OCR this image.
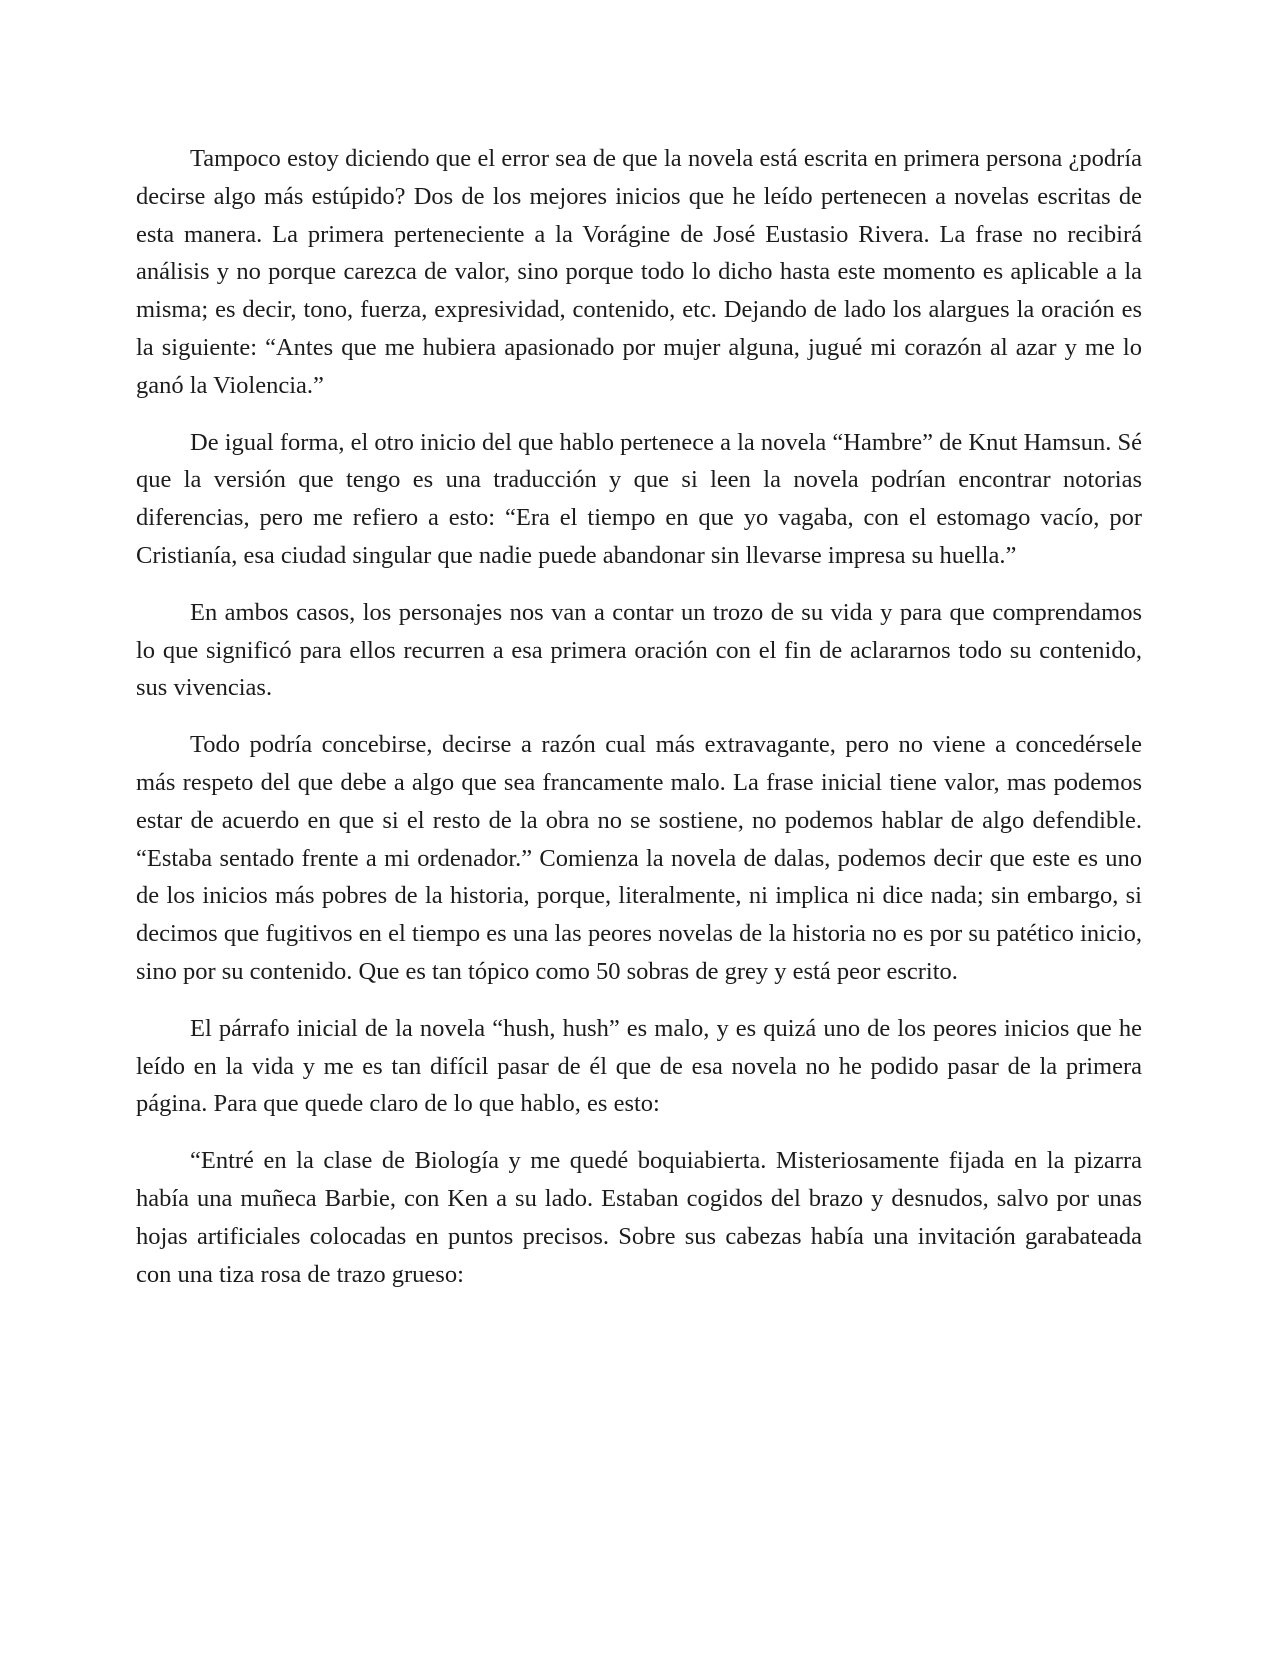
Tampoco estoy diciendo que el error sea de que la novela está escrita en primera persona ¿podría decirse algo más estúpido? Dos de los mejores inicios que he leído pertenecen a novelas escritas de esta manera. La primera perteneciente a la Vorágine de José Eustasio Rivera. La frase no recibirá análisis y no porque carezca de valor, sino porque todo lo dicho hasta este momento es aplicable a la misma; es decir, tono, fuerza, expresividad, contenido, etc. Dejando de lado los alargues la oración es la siguiente: “Antes que me hubiera apasionado por mujer alguna, jugué mi corazón al azar y me lo ganó la Violencia.”

De igual forma, el otro inicio del que hablo pertenece a la novela “Hambre” de Knut Hamsun. Sé que la versión que tengo es una traducción y que si leen la novela podrían encontrar notorias diferencias, pero me refiero a esto: “Era el tiempo en que yo vagaba, con el estomago vacío, por Cristianía, esa ciudad singular que nadie puede abandonar sin llevarse impresa su huella.”

En ambos casos, los personajes nos van a contar un trozo de su vida y para que comprendamos lo que significó para ellos recurren a esa primera oración con el fin de aclararnos todo su contenido, sus vivencias.

Todo podría concebirse, decirse a razón cual más extravagante, pero no viene a concedérsele más respeto del que debe a algo que sea francamente malo. La frase inicial tiene valor, mas podemos estar de acuerdo en que si el resto de la obra no se sostiene, no podemos hablar de algo defendible. “Estaba sentado frente a mi ordenador.” Comienza la novela de dalas, podemos decir que este es uno de los inicios más pobres de la historia, porque, literalmente, ni implica ni dice nada; sin embargo, si decimos que fugitivos en el tiempo es una las peores novelas de la historia no es por su patético inicio, sino por su contenido. Que es tan tópico como 50 sobras de grey y está peor escrito.

El párrafo inicial de la novela “hush, hush” es malo, y es quizá uno de los peores inicios que he leído en la vida y me es tan difícil pasar de él que de esa novela no he podido pasar de la primera página. Para que quede claro de lo que hablo, es esto:

“Entré en la clase de Biología y me quedé boquiabierta. Misteriosamente fijada en la pizarra había una muñeca Barbie, con Ken a su lado. Estaban cogidos del brazo y desnudos, salvo por unas hojas artificiales colocadas en puntos precisos. Sobre sus cabezas había una invitación garabateada con una tiza rosa de trazo grueso:
